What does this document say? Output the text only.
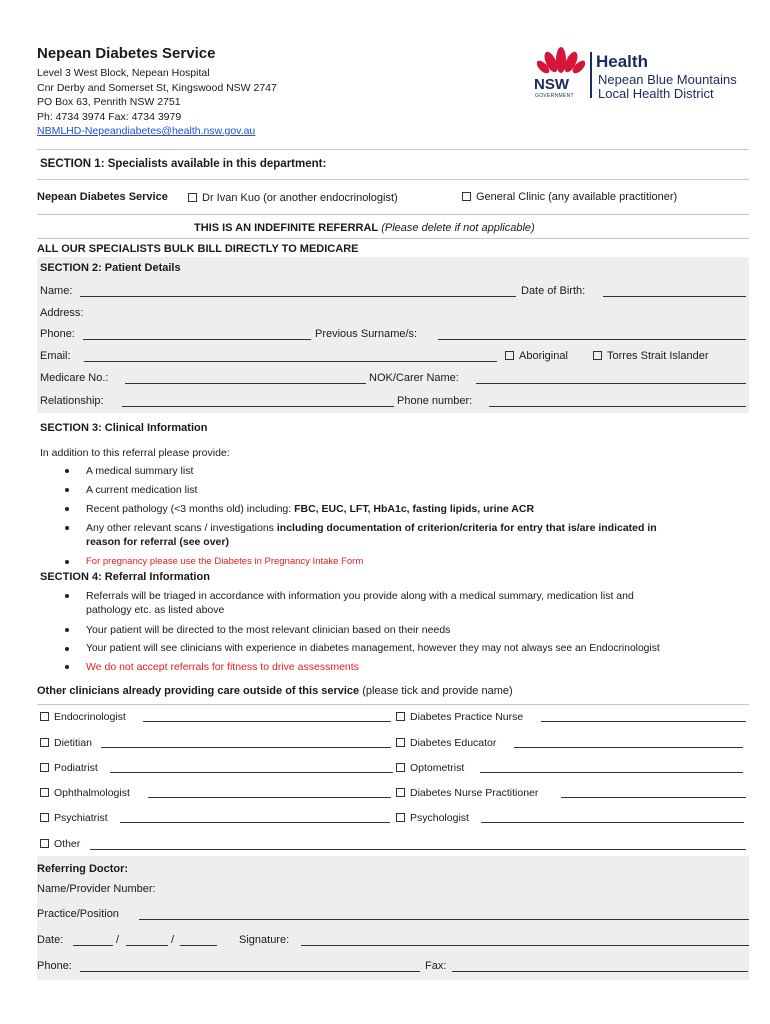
Nepean Diabetes Service
Level 3 West Block, Nepean Hospital
Cnr Derby and Somerset St, Kingswood NSW 2747
PO Box 63, Penrith NSW 2751
Ph: 4734 3974 Fax: 4734 3979
NBMLHD-Nepeandiabetes@health.nsw.gov.au
NSW
GOVERNMENT
Health
Nepean Blue Mountains
Local Health District
SECTION 1: Specialists available in this department:
Nepean Diabetes Service	Dr Ivan Kuo (or another endocrinologist)	General Clinic (any available practitioner)
THIS IS AN INDEFINITE REFERRAL (Please delete if not applicable)
ALL OUR SPECIALISTS BULK BILL DIRECTLY TO MEDICARE
SECTION 2: Patient Details
Name:	Date of Birth:
Address:
Phone:	Previous Surname/s:
Email:	Aboriginal	Torres Strait Islander
Medicare No.:	NOK/Carer Name:
Relationship:	Phone number:
SECTION 3: Clinical Information
In addition to this referral please provide:
A medical summary list
A current medication list
Recent pathology (<3 months old) including: FBC, EUC, LFT, HbA1c, fasting lipids, urine ACR
Any other relevant scans / investigations including documentation of criterion/criteria for entry that is/are indicated in
reason for referral (see over)
For pregnancy please use the Diabetes in Pregnancy Intake Form
SECTION 4: Referral Information
Referrals will be triaged in accordance with information you provide along with a medical summary, medication list and
pathology etc. as listed above
Your patient will be directed to the most relevant clinician based on their needs
Your patient will see clinicians with experience in diabetes management, however they may not always see an Endocrinologist
We do not accept referrals for fitness to drive assessments
Other clinicians already providing care outside of this service (please tick and provide name)
Endocrinologist	Diabetes Practice Nurse
Dietitian	Diabetes Educator
Podiatrist	Optometrist
Ophthalmologist	Diabetes Nurse Practitioner
Psychiatrist	Psychologist
Other
Referring Doctor:
Name/Provider Number:
Practice/Position
Date:	/	/	Signature:
Phone:	Fax:
